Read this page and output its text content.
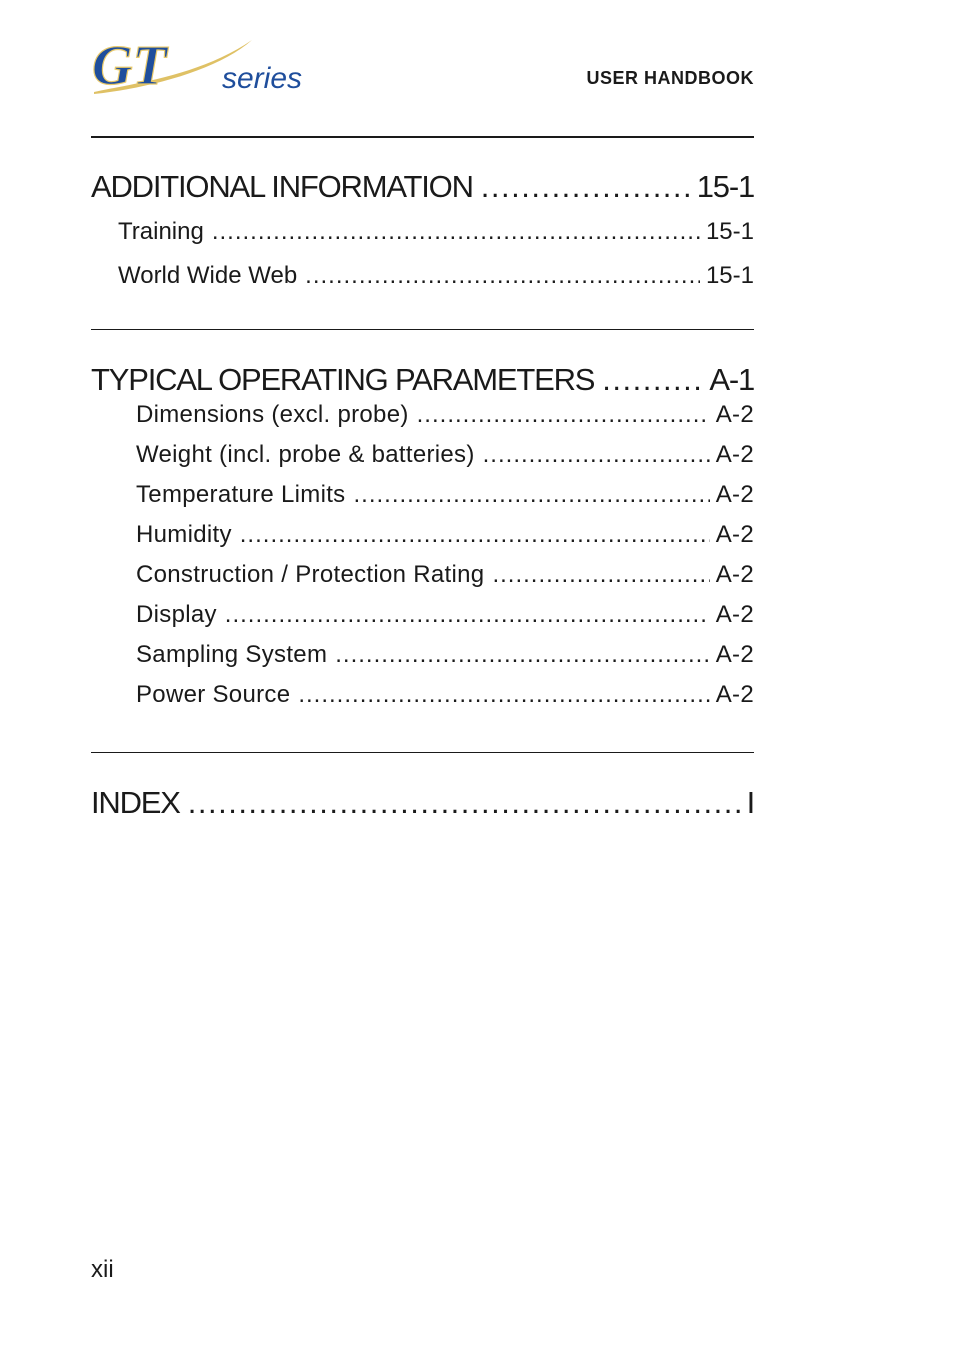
GT series	USER HANDBOOK
ADDITIONAL INFORMATION .....	15-1
Training .....	15-1
World Wide Web .....	15-1
TYPICAL OPERATING PARAMETERS .....	A-1
Dimensions (excl. probe) .....	A-2
Weight (incl. probe & batteries) .....	A-2
Temperature Limits .....	A-2
Humidity .....	A-2
Construction / Protection Rating .....	A-2
Display .....	A-2
Sampling System .....	A-2
Power Source .....	A-2
INDEX .....	I
xii
